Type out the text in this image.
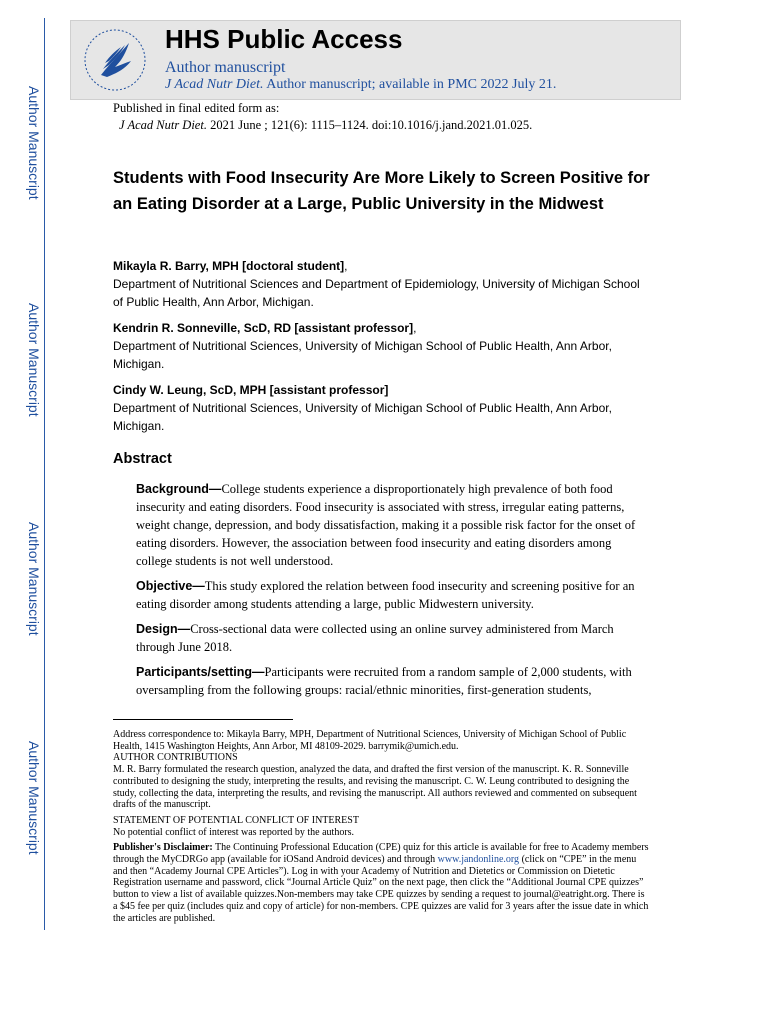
Author Manuscript
Author Manuscript
Author Manuscript
Author Manuscript
HHS Public Access
Author manuscript
J Acad Nutr Diet. Author manuscript; available in PMC 2022 July 21.
Published in final edited form as:
J Acad Nutr Diet. 2021 June ; 121(6): 1115–1124. doi:10.1016/j.jand.2021.01.025.
Students with Food Insecurity Are More Likely to Screen Positive for an Eating Disorder at a Large, Public University in the Midwest
Mikayla R. Barry, MPH [doctoral student],
Department of Nutritional Sciences and Department of Epidemiology, University of Michigan School of Public Health, Ann Arbor, Michigan.
Kendrin R. Sonneville, ScD, RD [assistant professor],
Department of Nutritional Sciences, University of Michigan School of Public Health, Ann Arbor, Michigan.
Cindy W. Leung, ScD, MPH [assistant professor]
Department of Nutritional Sciences, University of Michigan School of Public Health, Ann Arbor, Michigan.
Abstract

Background—College students experience a disproportionately high prevalence of both food insecurity and eating disorders. Food insecurity is associated with stress, irregular eating patterns, weight change, depression, and body dissatisfaction, making it a possible risk factor for the onset of eating disorders. However, the association between food insecurity and eating disorders among college students is not well understood.

Objective—This study explored the relation between food insecurity and screening positive for an eating disorder among students attending a large, public Midwestern university.

Design—Cross-sectional data were collected using an online survey administered from March through June 2018.

Participants/setting—Participants were recruited from a random sample of 2,000 students, with oversampling from the following groups: racial/ethnic minorities, first-generation students,

Address correspondence to: Mikayla Barry, MPH, Department of Nutritional Sciences, University of Michigan School of Public
Health, 1415 Washington Heights, Ann Arbor, MI 48109-2029. barrymik@umich.edu.
AUTHOR CONTRIBUTIONS
M. R. Barry formulated the research question, analyzed the data, and drafted the first version of the manuscript. K. R. Sonneville
contributed to designing the study, interpreting the results, and revising the manuscript. C. W. Leung contributed to designing the
study, collecting the data, interpreting the results, and revising the manuscript. All authors reviewed and commented on subsequent
drafts of the manuscript.
STATEMENT OF POTENTIAL CONFLICT OF INTEREST
No potential conflict of interest was reported by the authors.
Publisher's Disclaimer: The Continuing Professional Education (CPE) quiz for this article is available for free to Academy members
through the MyCDRGo app (available for iOSand Android devices) and through www.jandonline.org (click on “CPE” in the menu
and then “Academy Journal CPE Articles”). Log in with your Academy of Nutrition and Dietetics or Commission on Dietetic
Registration username and password, click “Journal Article Quiz” on the next page, then click the “Additional Journal CPE quizzes”
button to view a list of available quizzes.Non-members may take CPE quizzes by sending a request to journal@eatright.org. There is
a $45 fee per quiz (includes quiz and copy of article) for non-members. CPE quizzes are valid for 3 years after the issue date in which
the articles are published.
